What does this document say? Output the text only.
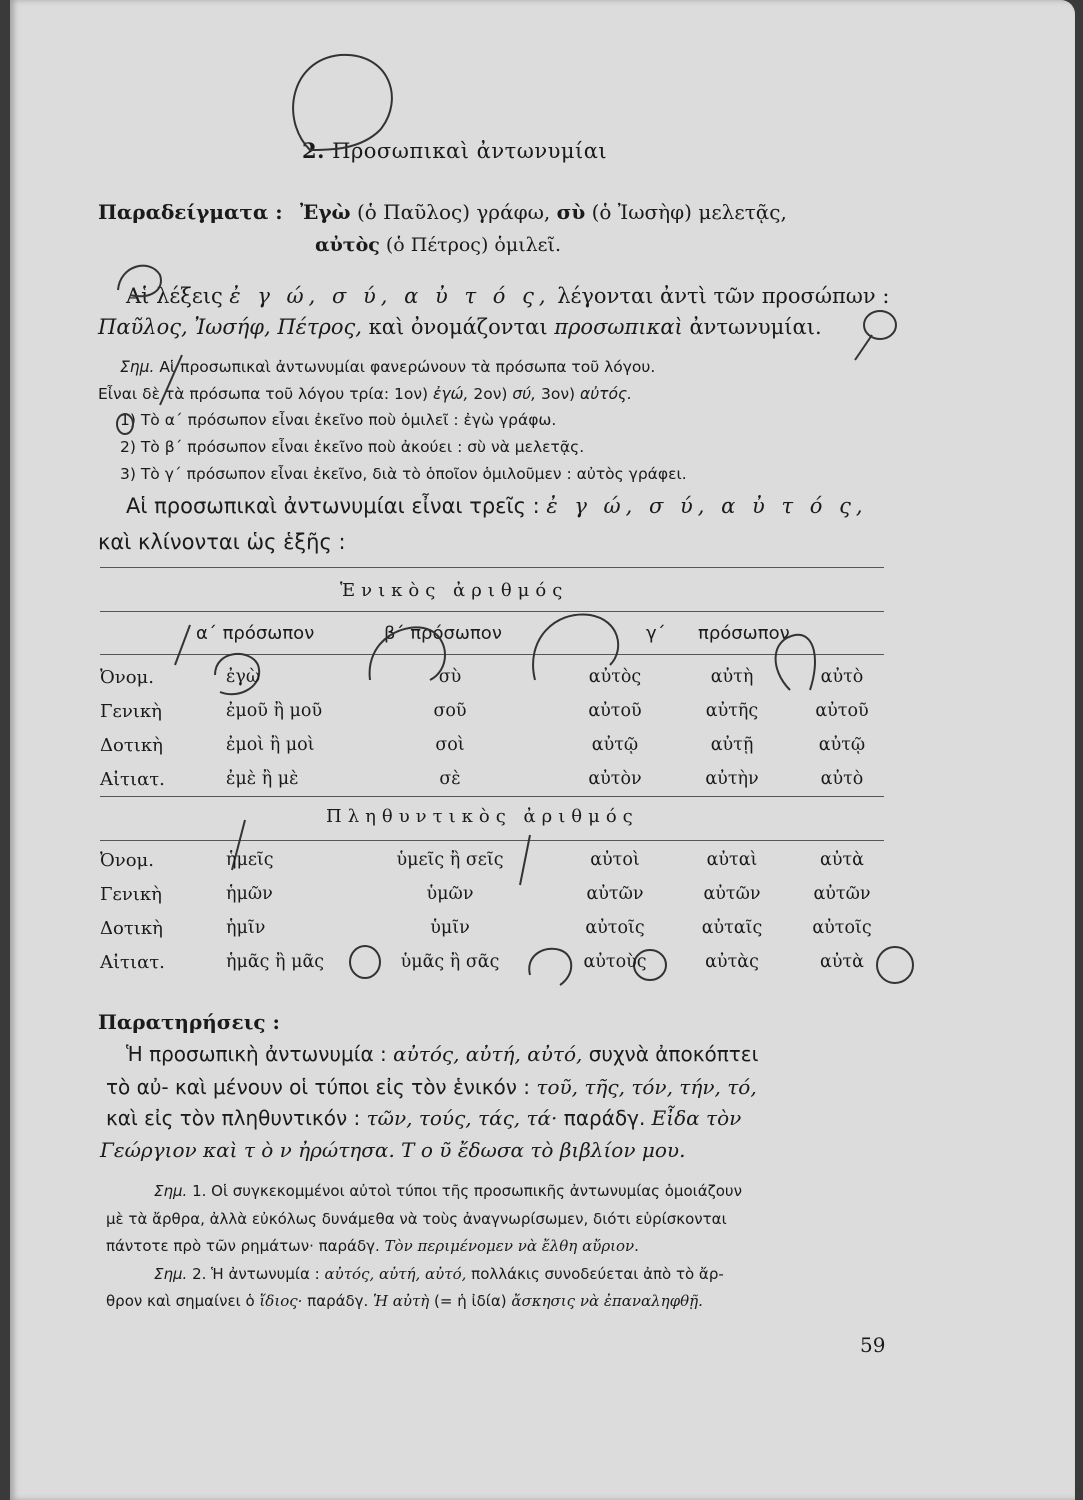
2. Προσωπικαὶ ἀντωνυμίαι
Παραδείγματα : Ἐγὼ (ὁ Παῦλος) γράφω, σὺ (ὁ Ἰωσὴφ) μελετᾷς,
αὐτὸς (ὁ Πέτρος) ὁμιλεῖ.
Αἱ λέξεις ἐ γ ώ, σ ύ, α ὐ τ ό ς, λέγονται ἀντὶ τῶν προσώπων :
Παῦλος, Ἰωσήφ, Πέτρος, καὶ ὀνομάζονται προσωπικαὶ ἀντωνυμίαι.
Σημ. Αἱ προσωπικαὶ ἀντωνυμίαι φανερώνουν τὰ πρόσωπα τοῦ λόγου.
Εἶναι δὲ τὰ πρόσωπα τοῦ λόγου τρία: 1ον) ἐγώ, 2ον) σύ, 3ον) αὐτός.
1) Τὸ α΄ πρόσωπον εἶναι ἐκεῖνο ποὺ ὁμιλεῖ : ἐγὼ γράφω.
2) Τὸ β΄ πρόσωπον εἶναι ἐκεῖνο ποὺ ἀκούει : σὺ νὰ μελετᾷς.
3) Τὸ γ΄ πρόσωπον εἶναι ἐκεῖνο, διὰ τὸ ὁποῖον ὁμιλοῦμεν : αὐτὸς γράφει.
Αἱ προσωπικαὶ ἀντωνυμίαι εἶναι τρεῖς : ἐ γ ώ, σ ύ, α ὐ τ ό ς,
καὶ κλίνονται ὡς ἑξῆς :
Ἑνικὸς ἀριθμός
α΄ πρόσωπον	β΄ πρόσωπον	γ΄ πρόσωπον
Πληθυντικὸς ἀριθμός
Παρατηρήσεις :
Ἡ προσωπικὴ ἀντωνυμία : αὐτός, αὐτή, αὐτό, συχνὰ ἀποκόπτει
τὸ αὐ- καὶ μένουν οἱ τύποι εἰς τὸν ἑνικόν : τοῦ, τῆς, τόν, τήν, τό,
καὶ εἰς τὸν πληθυντικόν : τῶν, τούς, τάς, τά· παράδγ. Εἶδα τὸν
Γεώργιον καὶ τ ὸ ν ἠρώτησα. Τ ο ῦ ἔδωσα τὸ βιβλίον μου.
Σημ. 1. Οἱ συγκεκομμένοι αὐτοὶ τύποι τῆς προσωπικῆς ἀντωνυμίας ὁμοιάζουν
μὲ τὰ ἄρθρα, ἀλλὰ εὐκόλως δυνάμεθα νὰ τοὺς ἀναγνωρίσωμεν, διότι εὑρίσκονται
πάντοτε πρὸ τῶν ρημάτων· παράδγ. Τὸν περιμένομεν νὰ ἔλθη αὔριον.
Σημ. 2. Ἡ ἀντωνυμία : αὐτός, αὐτή, αὐτό, πολλάκις συνοδεύεται ἀπὸ τὸ ἄρ-
θρον καὶ σημαίνει ὁ ἴδιος· παράδγ. Ἡ αὐτὴ (= ἡ ἰδία) ἄσκησις νὰ ἐπαναληφθῇ.
59
Ὀνομ.	ἐγὼ	σὺ	αὐτὸς	αὐτὴ	αὐτὸ
Γενικὴ	ἐμοῦ ἢ μοῦ	σοῦ	αὐτοῦ	αὐτῆς	αὐτοῦ
Δοτικὴ	ἐμοὶ ἢ μοὶ	σοὶ	αὐτῷ	αὐτῇ	αὐτῷ
Αἰτιατ.	ἐμὲ ἢ μὲ	σὲ	αὐτὸν	αὐτὴν	αὐτὸ
Ὀνομ.	ἡμεῖς	ὑμεῖς ἢ σεῖς	αὐτοὶ	αὐταὶ	αὐτὰ
Γενικὴ	ἡμῶν	ὑμῶν	αὐτῶν	αὐτῶν	αὐτῶν
Δοτικὴ	ἡμῖν	ὑμῖν	αὐτοῖς	αὐταῖς	αὐτοῖς
Αἰτιατ.	ἡμᾶς ἢ μᾶς	ὑμᾶς ἢ σᾶς	αὐτοὺς	αὐτὰς	αὐτὰ
